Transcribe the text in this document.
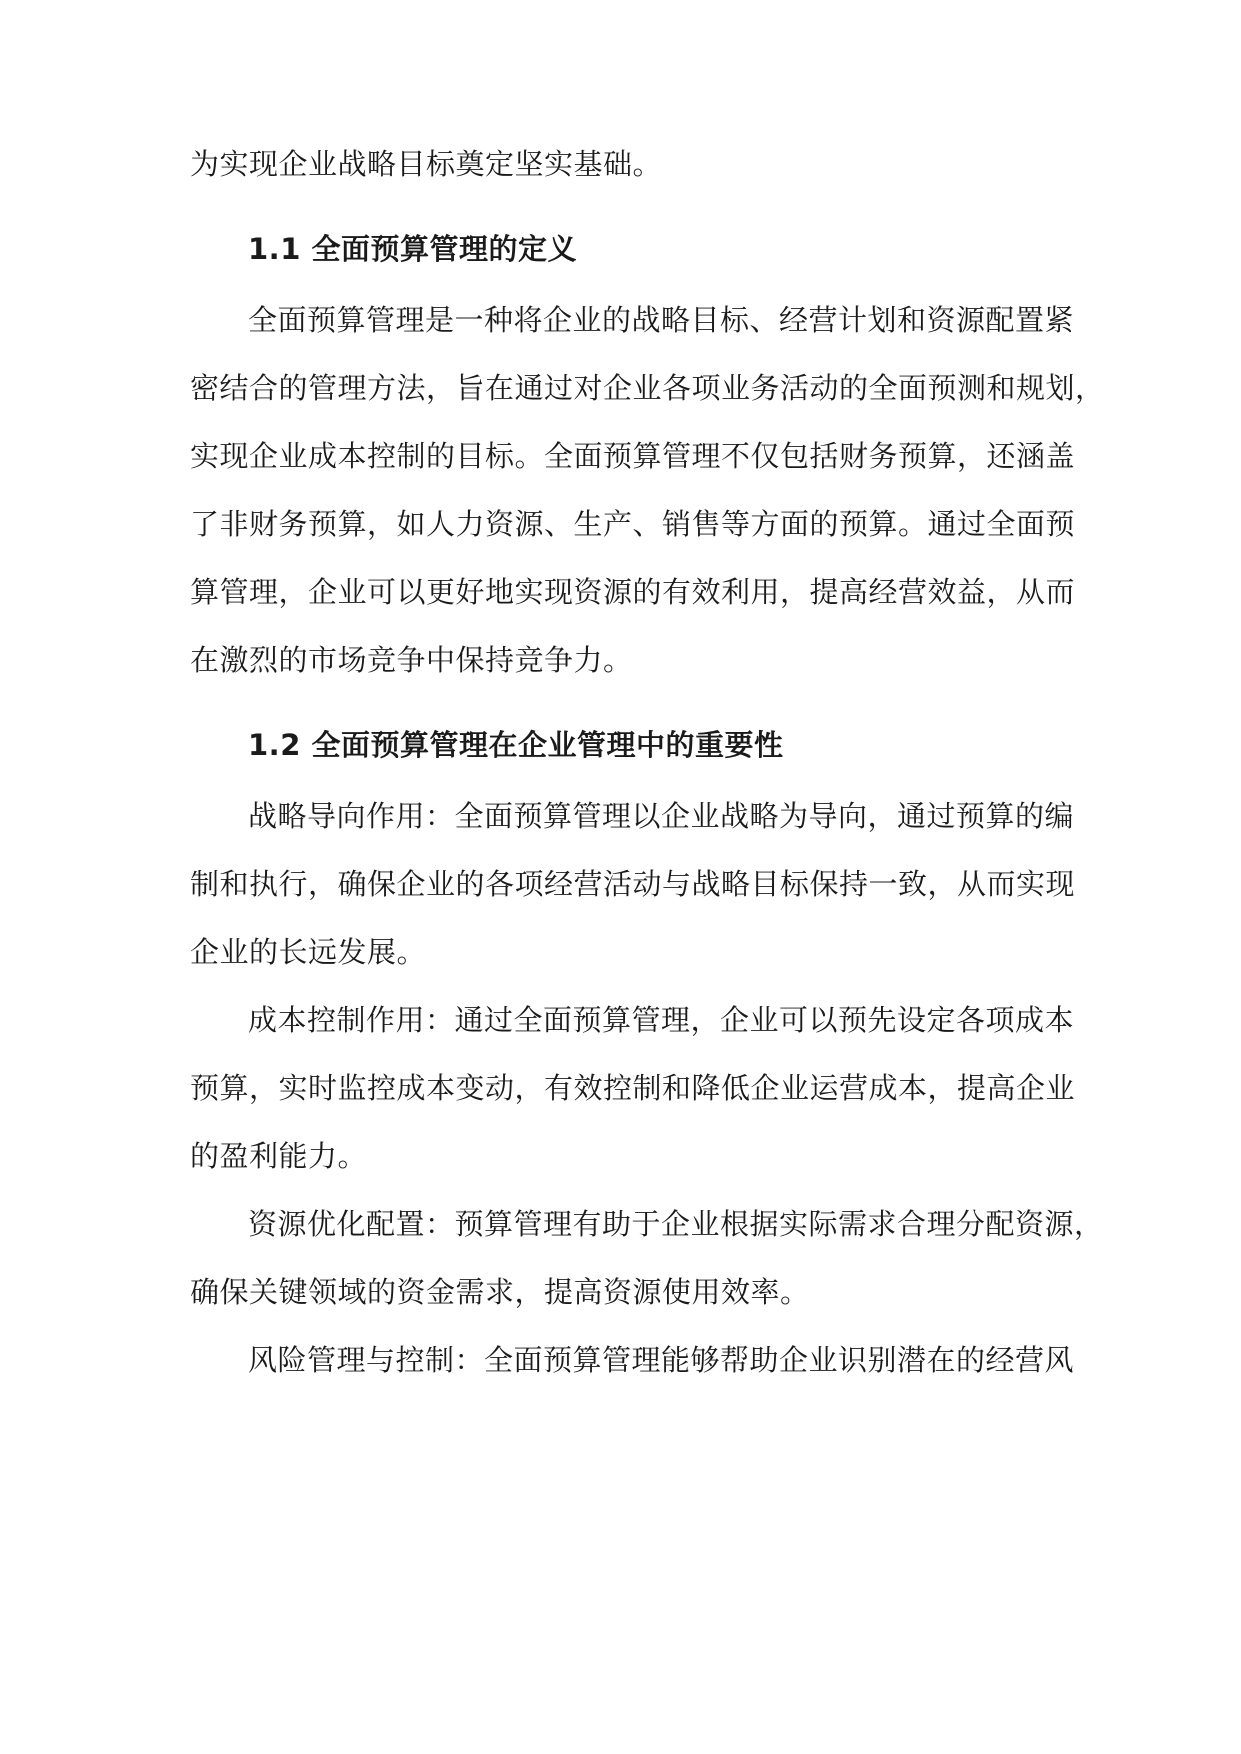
为实现企业战略目标奠定坚实基础。
1.1 全面预算管理的定义
全面预算管理是一种将企业的战略目标、经营计划和资源配置紧
密结合的管理方法，旨在通过对企业各项业务活动的全面预测和规划，
实现企业成本控制的目标。全面预算管理不仅包括财务预算，还涵盖
了非财务预算，如人力资源、生产、销售等方面的预算。通过全面预
算管理，企业可以更好地实现资源的有效利用，提高经营效益，从而
在激烈的市场竞争中保持竞争力。
1.2 全面预算管理在企业管理中的重要性
战略导向作用：全面预算管理以企业战略为导向，通过预算的编
制和执行，确保企业的各项经营活动与战略目标保持一致，从而实现
企业的长远发展。
成本控制作用：通过全面预算管理，企业可以预先设定各项成本
预算，实时监控成本变动，有效控制和降低企业运营成本，提高企业
的盈利能力。
资源优化配置：预算管理有助于企业根据实际需求合理分配资源，
确保关键领域的资金需求，提高资源使用效率。
风险管理与控制：全面预算管理能够帮助企业识别潜在的经营风
